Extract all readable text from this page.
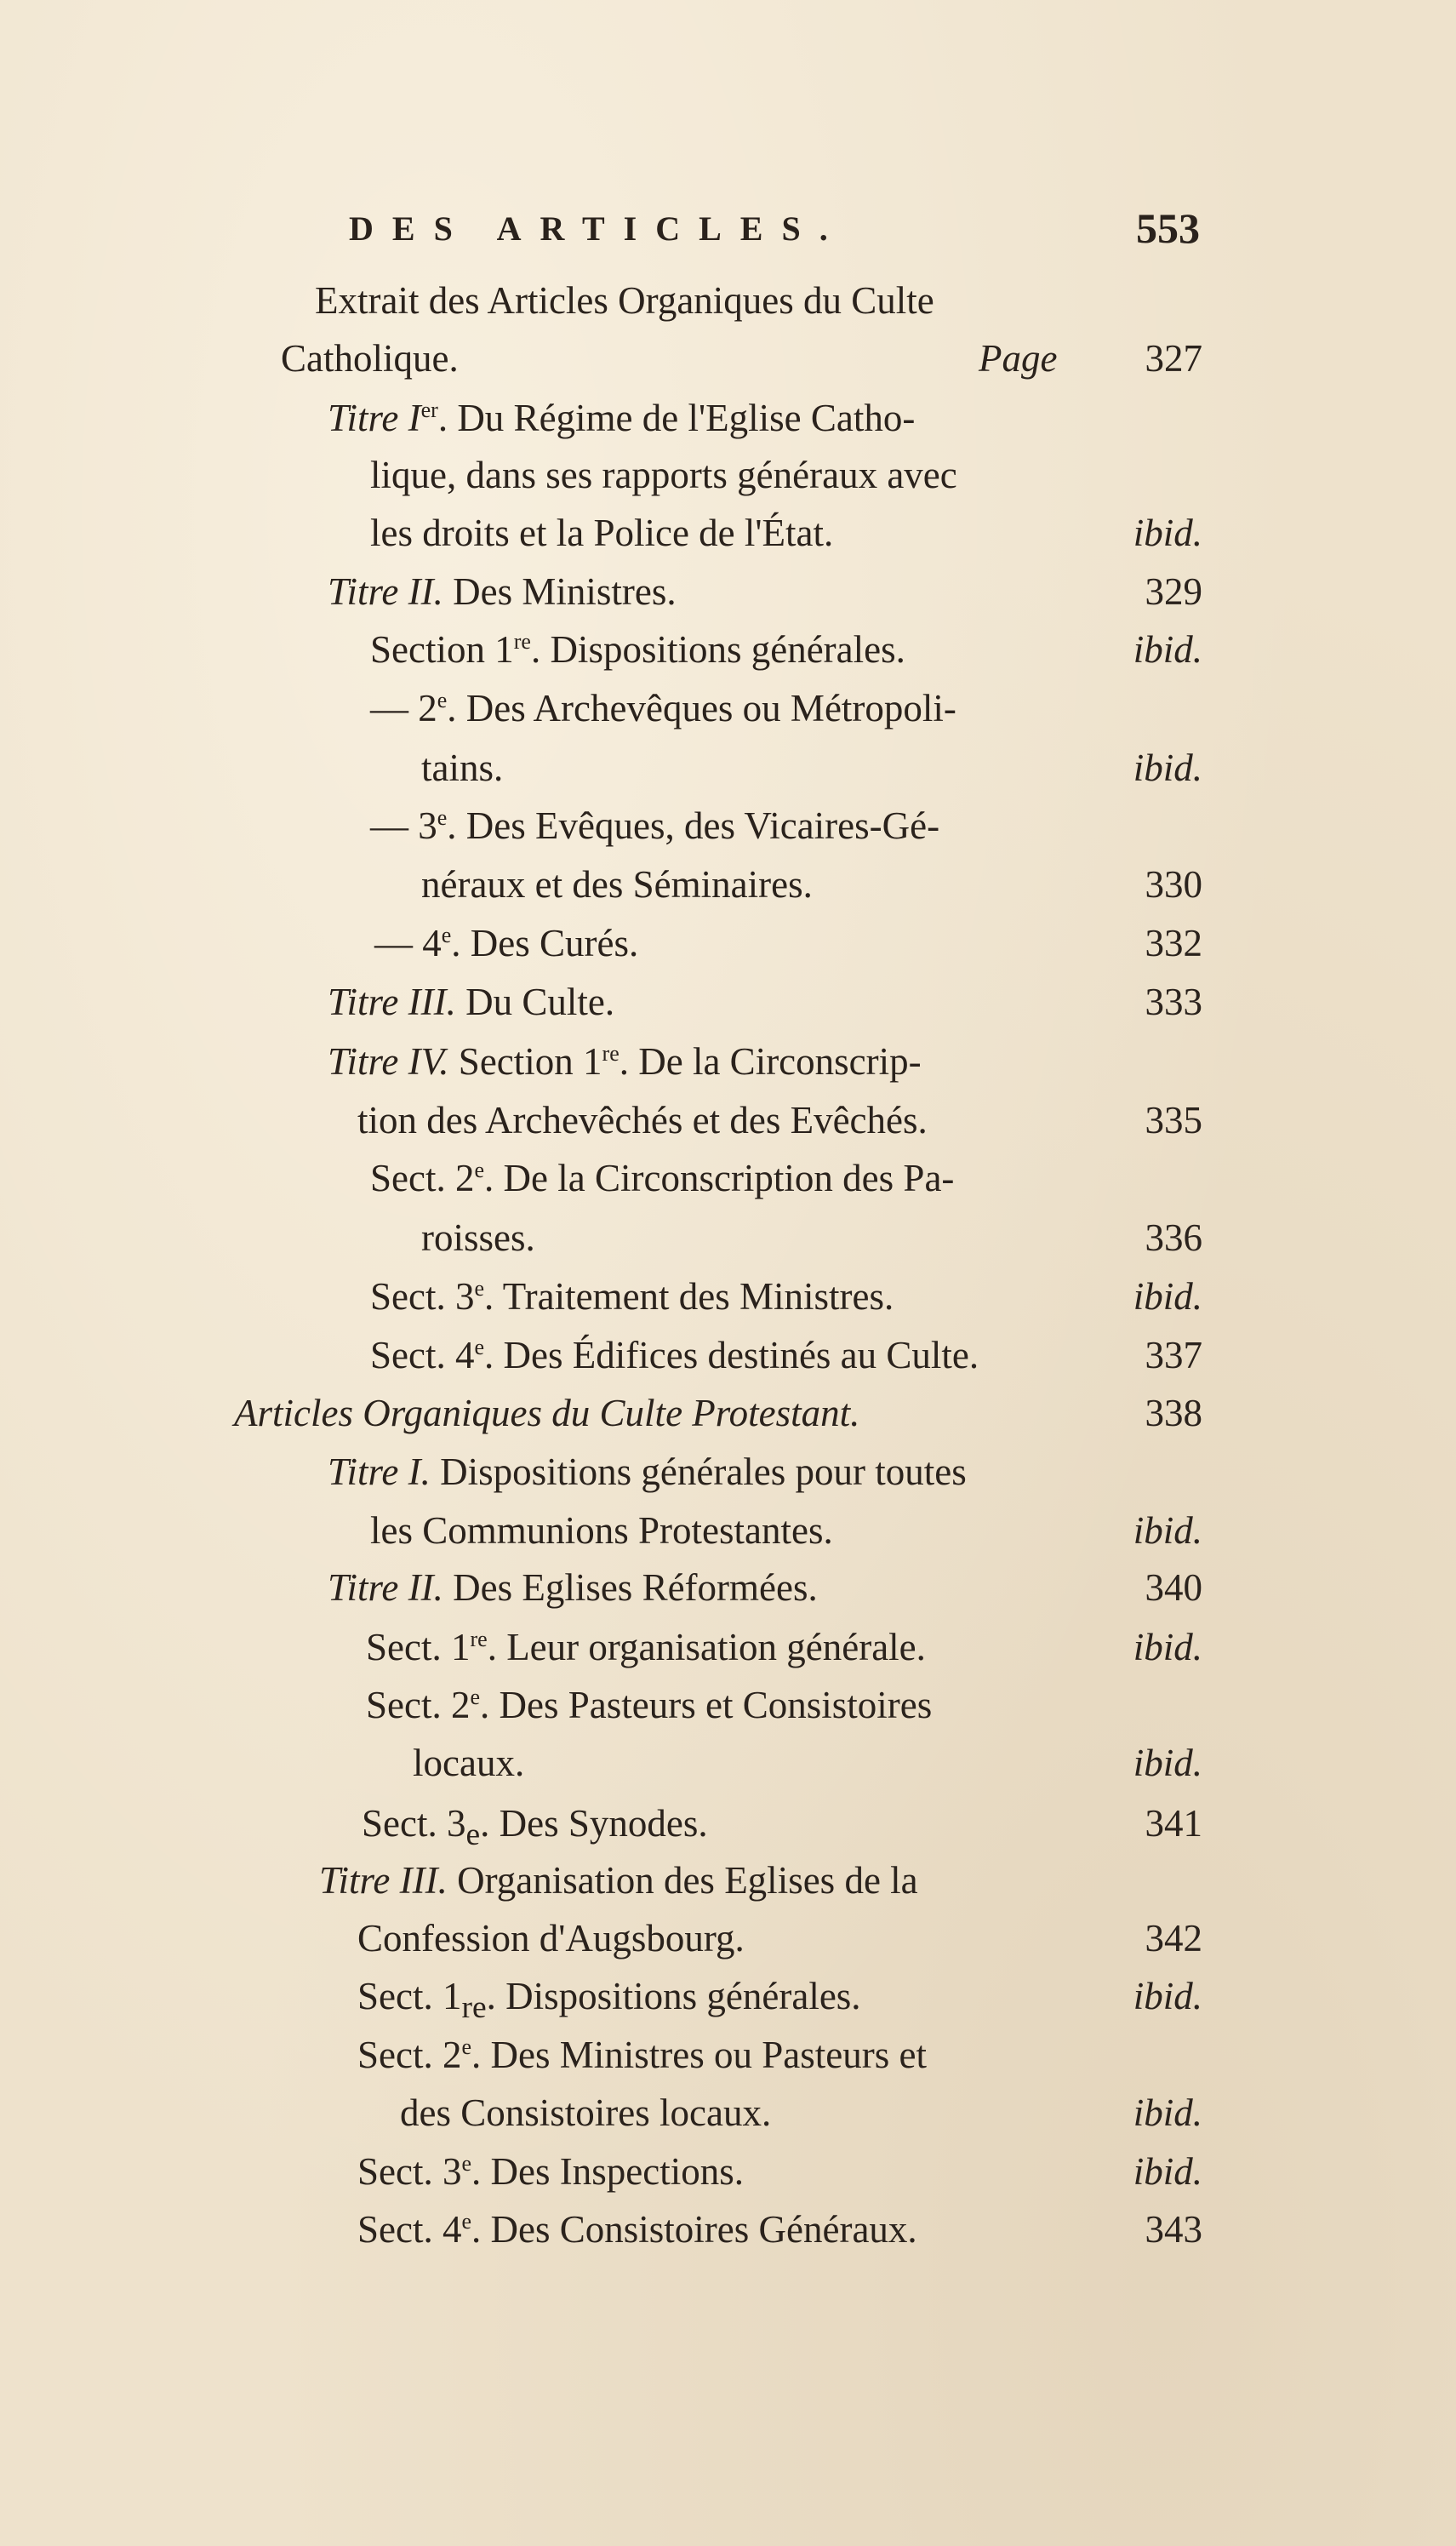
DES ARTICLES.	553
Extrait des Articles Organiques du Culte
Catholique.	Page	327
Titre Ier. Du Régime de l'Eglise Catho-
lique, dans ses rapports généraux avec
les droits et la Police de l'État.	ibid.
Titre II. Des Ministres.	329
Section 1re. Dispositions générales.	ibid.
— 2e. Des Archevêques ou Métropoli-
tains.	ibid.
— 3e. Des Evêques, des Vicaires-Gé-
néraux et des Séminaires.	330
— 4e. Des Curés.	332
Titre III. Du Culte.	333
Titre IV. Section 1re. De la Circonscrip-
tion des Archevêchés et des Evêchés.	335
Sect. 2e. De la Circonscription des Pa-
roisses.	336
Sect. 3e. Traitement des Ministres.	ibid.
Sect. 4e. Des Édifices destinés au Culte.	337
Articles Organiques du Culte Protestant.	338
Titre I. Dispositions générales pour toutes
les Communions Protestantes.	ibid.
Titre II. Des Eglises Réformées.	340
Sect. 1re. Leur organisation générale.	ibid.
Sect. 2e. Des Pasteurs et Consistoires
locaux.	ibid.
Sect. $3_e$. Des Synodes.	341
Titre III. Organisation des Eglises de la
Confession d'Augsbourg.	342
Sect. $1_{re}$. Dispositions générales.	ibid.
Sect. 2e. Des Ministres ou Pasteurs et
des Consistoires locaux.	ibid.
Sect. 3e. Des Inspections.	ibid.
Sect. 4e. Des Consistoires Généraux.	343
